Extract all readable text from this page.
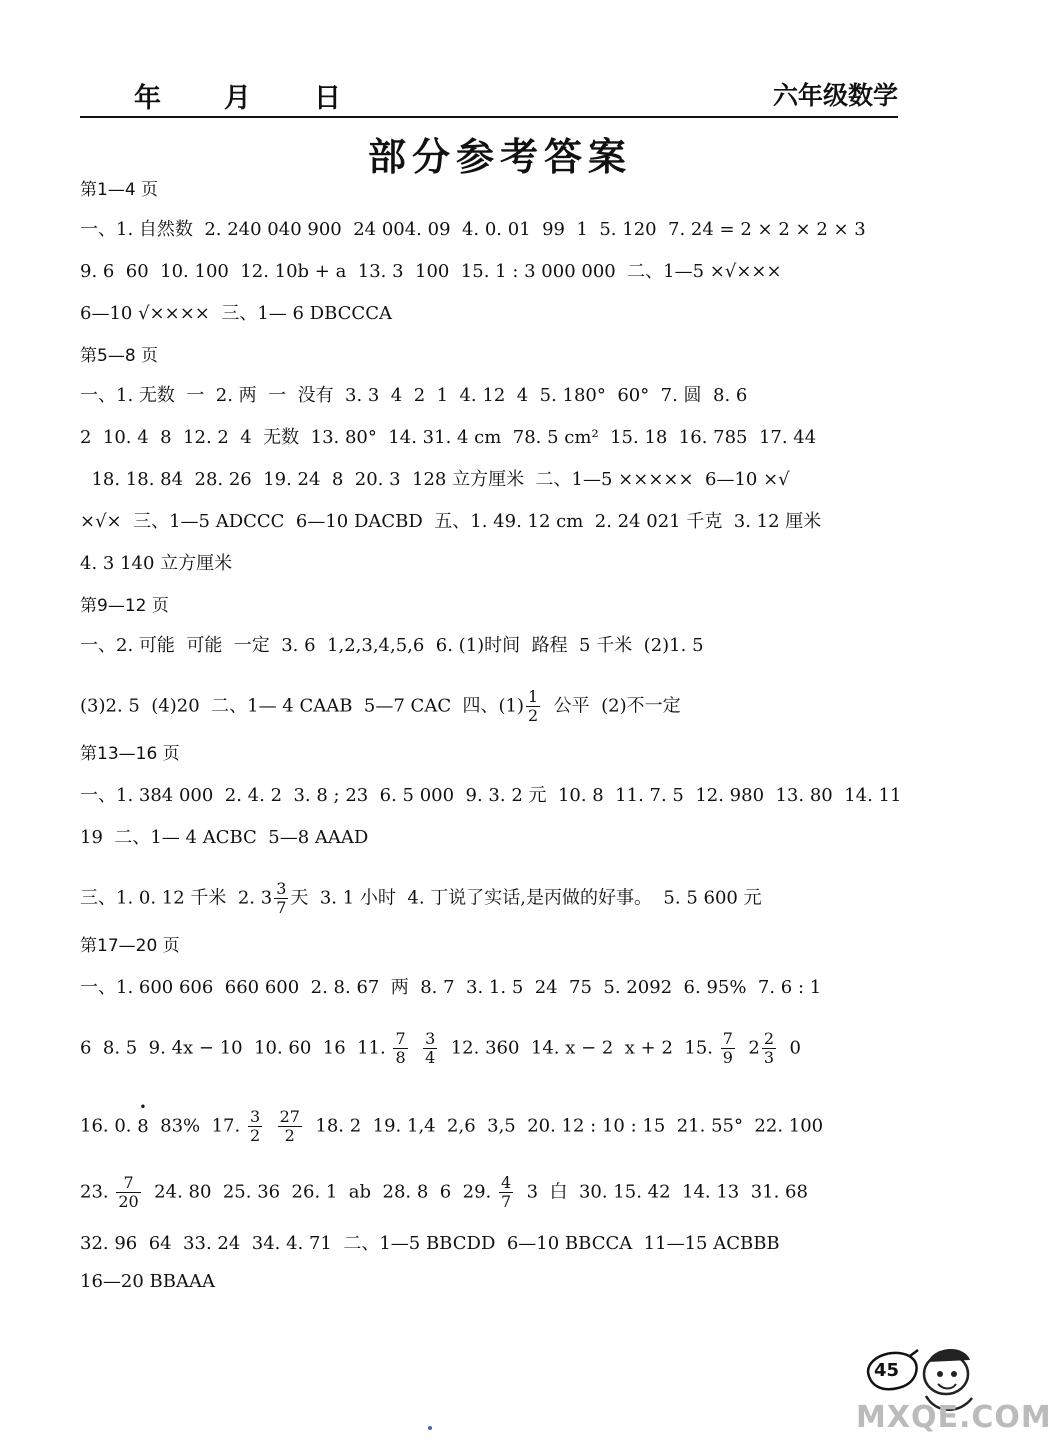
年 月 日	六年级数学
部分参考答案
第1—4 页
一、1. 自然数  2. 240 040 900  24 004. 09  4. 0. 01  99  1  5. 120  7. 24 = 2 × 2 × 2 × 3
9. 6  60  10. 100  12. 10b + a  13. 3  100  15. 1 : 3 000 000  二、1—5 ×√×××
6—10 √××××  三、1— 6 DBCCCA
第5—8 页
一、1. 无数  一  2. 两  一  没有  3. 3  4  2  1  4. 12  4  5. 180°  60°  7. 圆  8. 6
2  10. 4  8  12. 2  4  无数  13. 80°  14. 31. 4 cm  78. 5 cm²  15. 18  16. 785  17. 44
18. 18. 84  28. 26  19. 24  8  20. 3  128 立方厘米  二、1—5 ×××××  6—10 ×√
×√×  三、1—5 ADCCC  6—10 DACBD  五、1. 49. 12 cm  2. 24 021 千克  3. 12 厘米
4. 3 140 立方厘米
第9—12 页
一、2. 可能  可能  一定  3. 6  1,2,3,4,5,6  6. (1)时间  路程  5 千米  (2)1. 5
(3)2. 5  (4)20  二、1— 4 CAAB  5—7 CAC  四、$(1) \frac{1}{2}$ 公平  (2)不一定
第13—16 页
一、1. 384 000  2. 4. 2  3. 8 ; 23  6. 5 000  9. 3. 2 元  10. 8  11. 7. 5  12. 980  13. 80  14. 11
19  二、1— 4 ACBC  5—8 AAAD
三、1. 0. 12 千米  2. $3 \frac{3}{7}$ 天  3. 1 小时  4. 丁说了实话,是丙做的好事。  5. 5 600 元
第17—20 页
一、1. 600 606  660 600  2. 8. 67  两  8. 7  3. 1. 5  24  75  5. 2092  6. 95%  7. 6 : 1
6  8. 5  9. 4x − 10  10. 60  16  11. $\frac{7}{8}$
$\frac{3}{4} 12$. 360  14. x − 2  x + 2  15. $\frac{7}{9} 2 \frac{2}{3} 0$
16. 0. • 8  83%  17. $\frac{3}{2}$
$\frac{27}{2} 18$. 2  19. 1,4  2,6  3,5  20. 12 : 10 : 15  21. 55°  22. 100
23. $\frac{7}{20} 24$. 80  25. 36  26. 1  ab  28. 8  6  29. $\frac{4}{7} 3$  白  30. 15. 42  14. 13  31. 68
32. 96  64  33. 24  34. 4. 71  二、1—5 BBCDD  6—10 BBCCA  11—15 ACBBB
16—20 BBAAA
45
MXQE.COM
